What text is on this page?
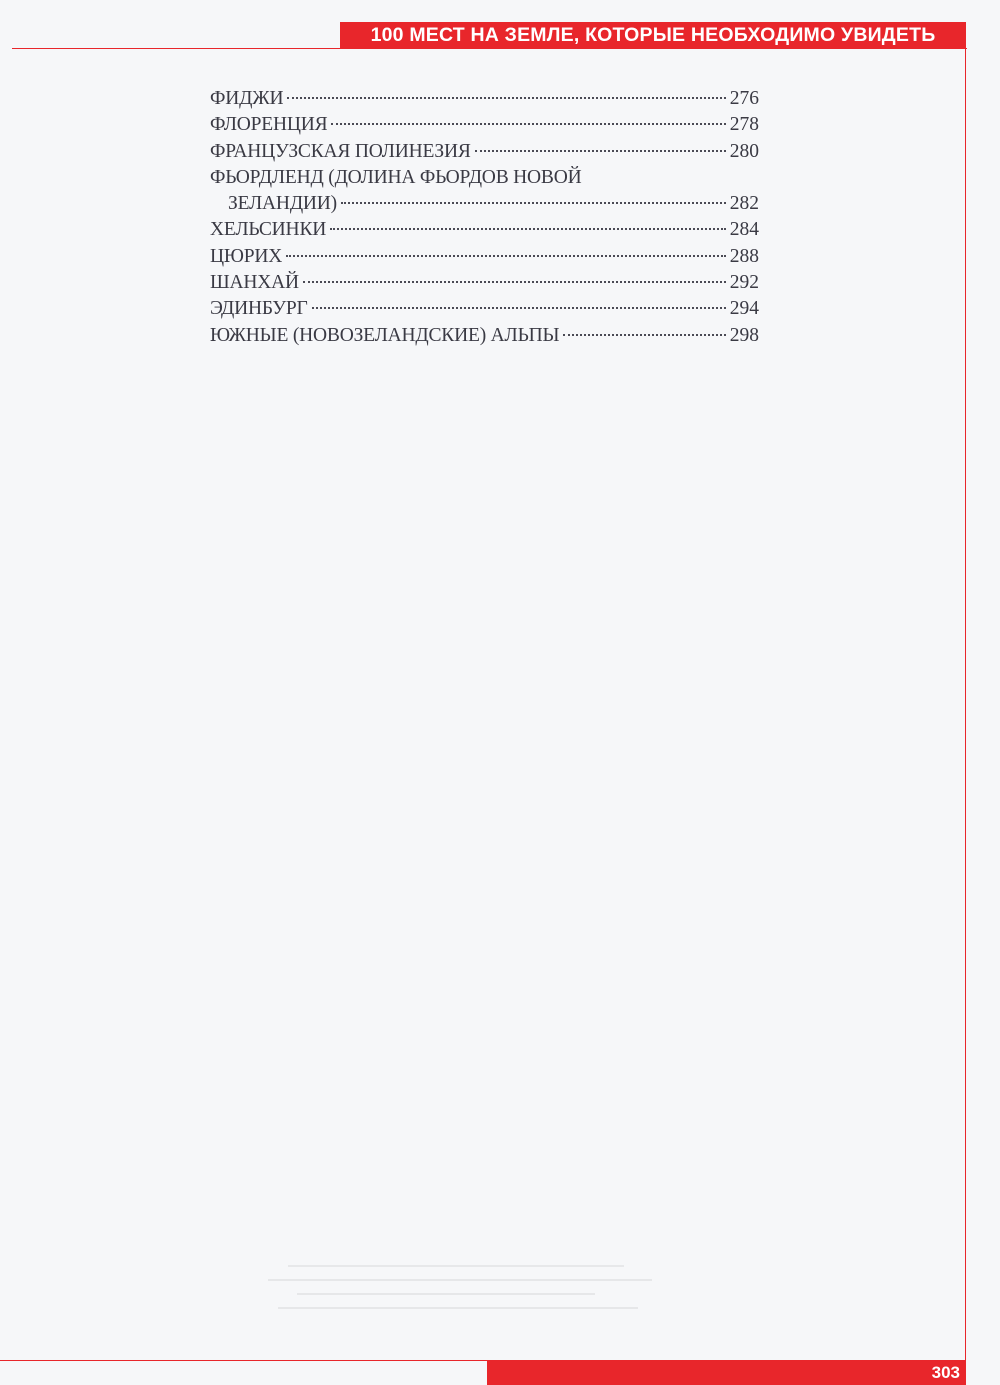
100 МЕСТ НА ЗЕМЛЕ, КОТОРЫЕ НЕОБХОДИМО УВИДЕТЬ
ФИДЖИ	276
ФЛОРЕНЦИЯ	278
ФРАНЦУЗСКАЯ ПОЛИНЕЗИЯ	280
ФЬОРДЛЕНД (ДОЛИНА ФЬОРДОВ НОВОЙ
ЗЕЛАНДИИ)	282
ХЕЛЬСИНКИ	284
ЦЮРИХ	288
ШАНХАЙ	292
ЭДИНБУРГ	294
ЮЖНЫЕ (НОВОЗЕЛАНДСКИЕ) АЛЬПЫ	298
303
